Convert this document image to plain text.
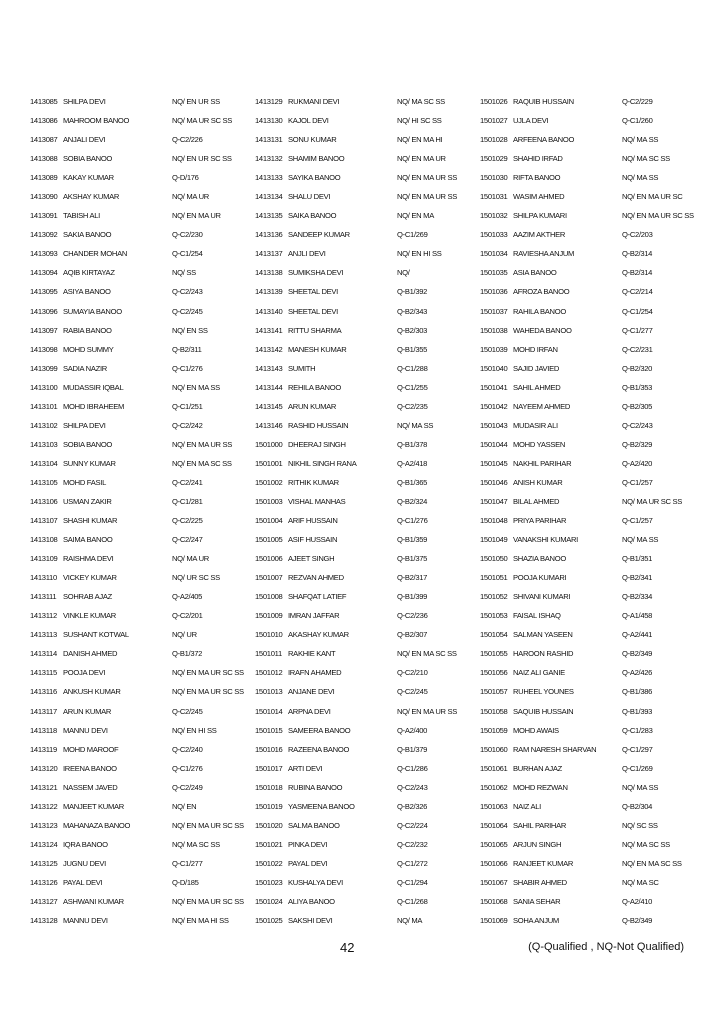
1413085 SHILPA DEVI	NQ/ EN UR SS
1413086 MAHROOM BANOO	NQ/ MA UR SC SS
1413087 ANJALI DEVI	Q-C2/226
1413088 SOBIA BANOO	NQ/ EN UR SC SS
1413089 KAKAY KUMAR	Q-D/176
1413090 AKSHAY KUMAR	NQ/ MA UR
1413091 TABISH ALI	NQ/ EN MA UR
1413092 SAKIA BANOO	Q-C2/230
1413093 CHANDER MOHAN	Q-C1/254
1413094 AQIB KIRTAYAZ	NQ/ SS
1413095 ASIYA BANOO	Q-C2/243
1413096 SUMAYIA BANOO	Q-C2/245
1413097 RABIA BANOO	NQ/ EN SS
1413098 MOHD SUMMY	Q-B2/311
1413099 SADIA NAZIR	Q-C1/276
1413100 MUDASSIR IQBAL	NQ/ EN MA SS
1413101 MOHD IBRAHEEM	Q-C1/251
1413102 SHILPA DEVI	Q-C2/242
1413103 SOBIA BANOO	NQ/ EN MA UR SS
1413104 SUNNY KUMAR	NQ/ EN MA SC SS
1413105 MOHD FASIL	Q-C2/241
1413106 USMAN ZAKIR	Q-C1/281
1413107 SHASHI KUMAR	Q-C2/225
1413108 SAIMA BANOO	Q-C2/247
1413109 RAISHMA DEVI	NQ/ MA UR
1413110 VICKEY KUMAR	NQ/ UR SC SS
1413111 SOHRAB AJAZ	Q-A2/405
1413112 VINKLE KUMAR	Q-C2/201
1413113 SUSHANT KOTWAL	NQ/ UR
1413114 DANISH AHMED	Q-B1/372
1413115 POOJA DEVI	NQ/ EN MA UR SC SS
1413116 ANKUSH KUMAR	NQ/ EN MA UR SC SS
1413117 ARUN KUMAR	Q-C2/245
1413118 MANNU DEVI	NQ/ EN HI SS
1413119 MOHD MAROOF	Q-C2/240
1413120 IREENA BANOO	Q-C1/276
1413121 NASSEM JAVED	Q-C2/249
1413122 MANJEET KUMAR	NQ/ EN
1413123 MAHANAZA BANOO	NQ/ EN MA UR SC SS
1413124 IQRA BANOO	NQ/ MA SC SS
1413125 JUGNU DEVI	Q-C1/277
1413126 PAYAL DEVI	Q-D/185
1413127 ASHWANI KUMAR	NQ/ EN MA UR SC SS
1413128 MANNU DEVI	NQ/ EN MA HI SS
1413129 RUKMANI DEVI	NQ/ MA SC SS
1413130 KAJOL DEVI	NQ/ HI SC SS
1413131 SONU KUMAR	NQ/ EN MA HI
1413132 SHAMIM BANOO	NQ/ EN MA UR
1413133 SAYIKA BANOO	NQ/ EN MA UR SS
1413134 SHALU DEVI	NQ/ EN MA UR SS
1413135 SAIKA BANOO	NQ/ EN MA
1413136 SANDEEP KUMAR	Q-C1/269
1413137 ANJLI DEVI	NQ/ EN HI SS
1413138 SUMIKSHA DEVI	NQ/
1413139 SHEETAL DEVI	Q-B1/392
1413140 SHEETAL DEVI	Q-B2/343
1413141 RITTU SHARMA	Q-B2/303
1413142 MANESH KUMAR	Q-B1/355
1413143 SUMITH	Q-C1/288
1413144 REHILA BANOO	Q-C1/255
1413145 ARUN KUMAR	Q-C2/235
1413146 RASHID HUSSAIN	NQ/ MA SS
1501000 DHEERAJ SINGH	Q-B1/378
1501001 NIKHIL SINGH RANA	Q-A2/418
1501002 RITHIK KUMAR	Q-B1/365
1501003 VISHAL MANHAS	Q-B2/324
1501004 ARIF HUSSAIN	Q-C1/276
1501005 ASIF HUSSAIN	Q-B1/359
1501006 AJEET SINGH	Q-B1/375
1501007 REZVAN AHMED	Q-B2/317
1501008 SHAFQAT LATIEF	Q-B1/399
1501009 IMRAN JAFFAR	Q-C2/236
1501010 AKASHAY KUMAR	Q-B2/307
1501011 RAKHIE KANT	NQ/ EN MA SC SS
1501012 IRAFN AHAMED	Q-C2/210
1501013 ANJANE DEVI	Q-C2/245
1501014 ARPNA DEVI	NQ/ EN MA UR SS
1501015 SAMEERA BANOO	Q-A2/400
1501016 RAZEENA BANOO	Q-B1/379
1501017 ARTI DEVI	Q-C1/286
1501018 RUBINA BANOO	Q-C2/243
1501019 YASMEENA BANOO	Q-B2/326
1501020 SALMA BANOO	Q-C2/224
1501021 PINKA DEVI	Q-C2/232
1501022 PAYAL DEVI	Q-C1/272
1501023 KUSHALYA DEVI	Q-C1/294
1501024 ALIYA BANOO	Q-C1/268
1501025 SAKSHI DEVI	NQ/ MA
1501026 RAQUIB HUSSAIN	Q-C2/229
1501027 UJLA DEVI	Q-C1/260
1501028 ARFEENA BANOO	NQ/ MA SS
1501029 SHAHID IRFAD	NQ/ MA SC SS
1501030 RIFTA BANOO	NQ/ MA SS
1501031 WASIM AHMED	NQ/ EN MA UR SC
1501032 SHILPA KUMARI	NQ/ EN MA UR SC SS
1501033 AAZIM AKTHER	Q-C2/203
1501034 RAVIESHA ANJUM	Q-B2/314
1501035 ASIA BANOO	Q-B2/314
1501036 AFROZA BANOO	Q-C2/214
1501037 RAHILA BANOO	Q-C1/254
1501038 WAHEDA BANOO	Q-C1/277
1501039 MOHD IRFAN	Q-C2/231
1501040 SAJID JAVIED	Q-B2/320
1501041 SAHIL AHMED	Q-B1/353
1501042 NAYEEM AHMED	Q-B2/305
1501043 MUDASIR ALI	Q-C2/243
1501044 MOHD YASSEN	Q-B2/329
1501045 NAKHIL PARIHAR	Q-A2/420
1501046 ANISH KUMAR	Q-C1/257
1501047 BILAL AHMED	NQ/ MA UR SC SS
1501048 PRIYA PARIHAR	Q-C1/257
1501049 VANAKSHI KUMARI	NQ/ MA SS
1501050 SHAZIA BANOO	Q-B1/351
1501051 POOJA KUMARI	Q-B2/341
1501052 SHIVANI KUMARI	Q-B2/334
1501053 FAISAL ISHAQ	Q-A1/458
1501054 SALMAN YASEEN	Q-A2/441
1501055 HAROON RASHID	Q-B2/349
1501056 NAIZ ALI GANIE	Q-A2/426
1501057 RUHEEL YOUNES	Q-B1/386
1501058 SAQUIB HUSSAIN	Q-B1/393
1501059 MOHD AWAIS	Q-C1/283
1501060 RAM NARESH SHARVAN	Q-C1/297
1501061 BURHAN AJAZ	Q-C1/269
1501062 MOHD REZWAN	NQ/ MA SS
1501063 NAIZ ALI	Q-B2/304
1501064 SAHIL PARIHAR	NQ/ SC SS
1501065 ARJUN SINGH	NQ/ MA SC SS
1501066 RANJEET KUMAR	NQ/ EN MA SC SS
1501067 SHABIR AHMED	NQ/ MA SC
1501068 SANIA SEHAR	Q-A2/410
1501069 SOHA ANJUM	Q-B2/349
42	(Q-Qualified , NQ-Not Qualified)
